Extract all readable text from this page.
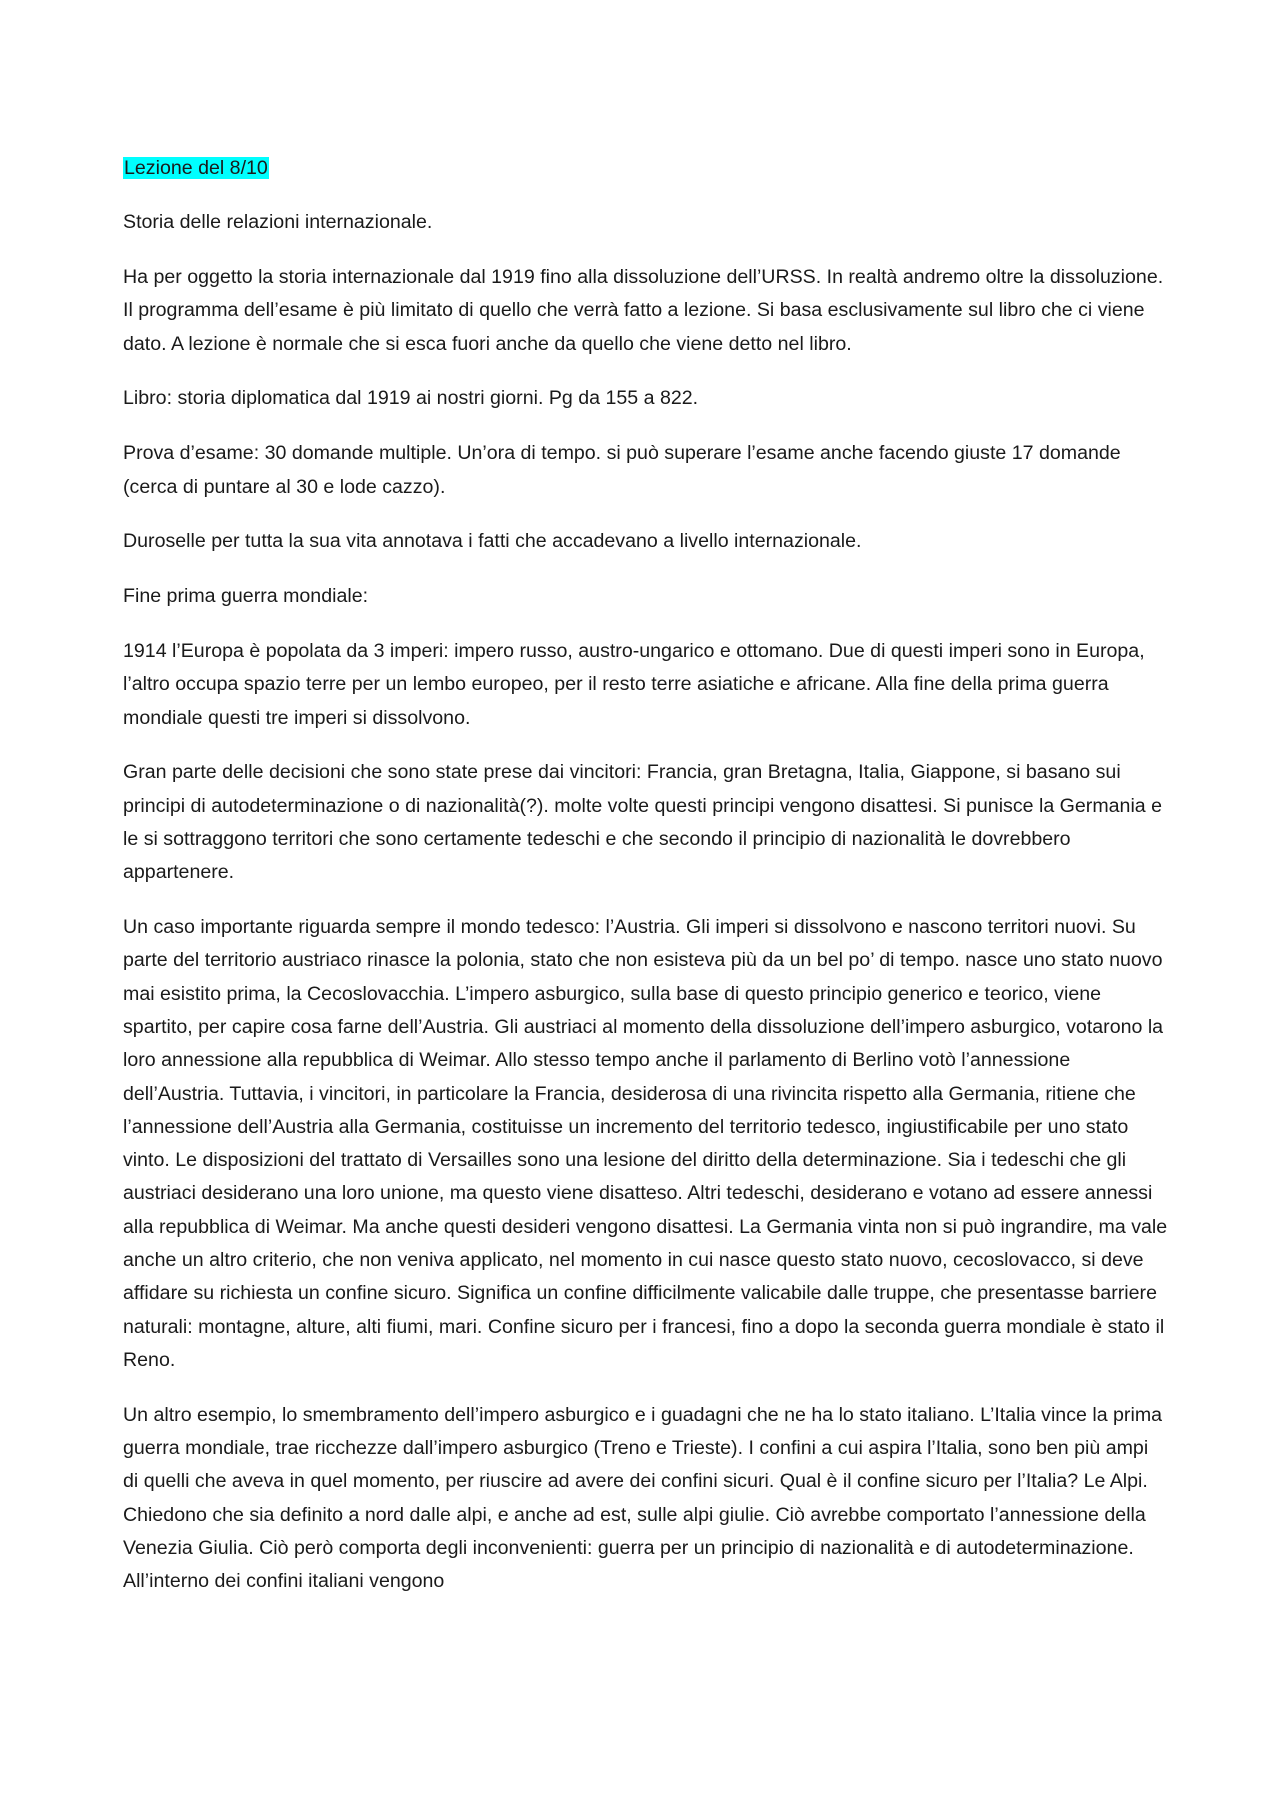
Lezione del 8/10

Storia delle relazioni internazionale.

Ha per oggetto la storia internazionale dal 1919 fino alla dissoluzione dell’URSS. In realtà andremo oltre la dissoluzione. Il programma dell’esame è più limitato di quello che verrà fatto a lezione. Si basa esclusivamente sul libro che ci viene dato. A lezione è normale che si esca fuori anche da quello che viene detto nel libro.

Libro: storia diplomatica dal 1919 ai nostri giorni. Pg da 155 a 822.

Prova d’esame: 30 domande multiple. Un’ora di tempo. si può superare l’esame anche facendo giuste 17 domande (cerca di puntare al 30 e lode cazzo).

Duroselle per tutta la sua vita annotava i fatti che accadevano a livello internazionale.

Fine prima guerra mondiale:

1914 l’Europa è popolata da 3 imperi: impero russo, austro-ungarico e ottomano. Due di questi imperi sono in Europa, l’altro occupa spazio terre per un lembo europeo, per il resto terre asiatiche e africane. Alla fine della prima guerra mondiale questi tre imperi si dissolvono.

Gran parte delle decisioni che sono state prese dai vincitori: Francia, gran Bretagna, Italia, Giappone, si basano sui principi di autodeterminazione o di nazionalità(?). molte volte questi principi vengono disattesi. Si punisce la Germania e le si sottraggono territori che sono certamente tedeschi e che secondo il principio di nazionalità le dovrebbero appartenere.

Un caso importante riguarda sempre il mondo tedesco: l’Austria. Gli imperi si dissolvono e nascono territori nuovi. Su parte del territorio austriaco rinasce la polonia, stato che non esisteva più da un bel po’ di tempo. nasce uno stato nuovo mai esistito prima, la Cecoslovacchia. L’impero asburgico, sulla base di questo principio generico e teorico, viene spartito, per capire cosa farne dell’Austria. Gli austriaci al momento della dissoluzione dell’impero asburgico, votarono la loro annessione alla repubblica di Weimar. Allo stesso tempo anche il parlamento di Berlino votò l’annessione dell’Austria. Tuttavia, i vincitori, in particolare la Francia, desiderosa di una rivincita rispetto alla Germania, ritiene che l’annessione dell’Austria alla Germania, costituisse un incremento del territorio tedesco, ingiustificabile per uno stato vinto. Le disposizioni del trattato di Versailles sono una lesione del diritto della determinazione. Sia i tedeschi che gli austriaci desiderano una loro unione, ma questo viene disatteso. Altri tedeschi, desiderano e votano ad essere annessi alla repubblica di Weimar. Ma anche questi desideri vengono disattesi. La Germania vinta non si può ingrandire, ma vale anche un altro criterio, che non veniva applicato, nel momento in cui nasce questo stato nuovo, cecoslovacco, si deve affidare su richiesta un confine sicuro. Significa un confine difficilmente valicabile dalle truppe, che presentasse barriere naturali: montagne, alture, alti fiumi, mari. Confine sicuro per i francesi, fino a dopo la seconda guerra mondiale è stato il Reno.

Un altro esempio, lo smembramento dell’impero asburgico e i guadagni che ne ha lo stato italiano. L’Italia vince la prima guerra mondiale, trae ricchezze dall’impero asburgico (Treno e Trieste). I confini a cui aspira l’Italia, sono ben più ampi di quelli che aveva in quel momento, per riuscire ad avere dei confini sicuri. Qual è il confine sicuro per l’Italia? Le Alpi. Chiedono che sia definito a nord dalle alpi, e anche ad est, sulle alpi giulie. Ciò avrebbe comportato l’annessione della Venezia Giulia. Ciò però comporta degli inconvenienti: guerra per un principio di nazionalità e di autodeterminazione. All’interno dei confini italiani vengono
